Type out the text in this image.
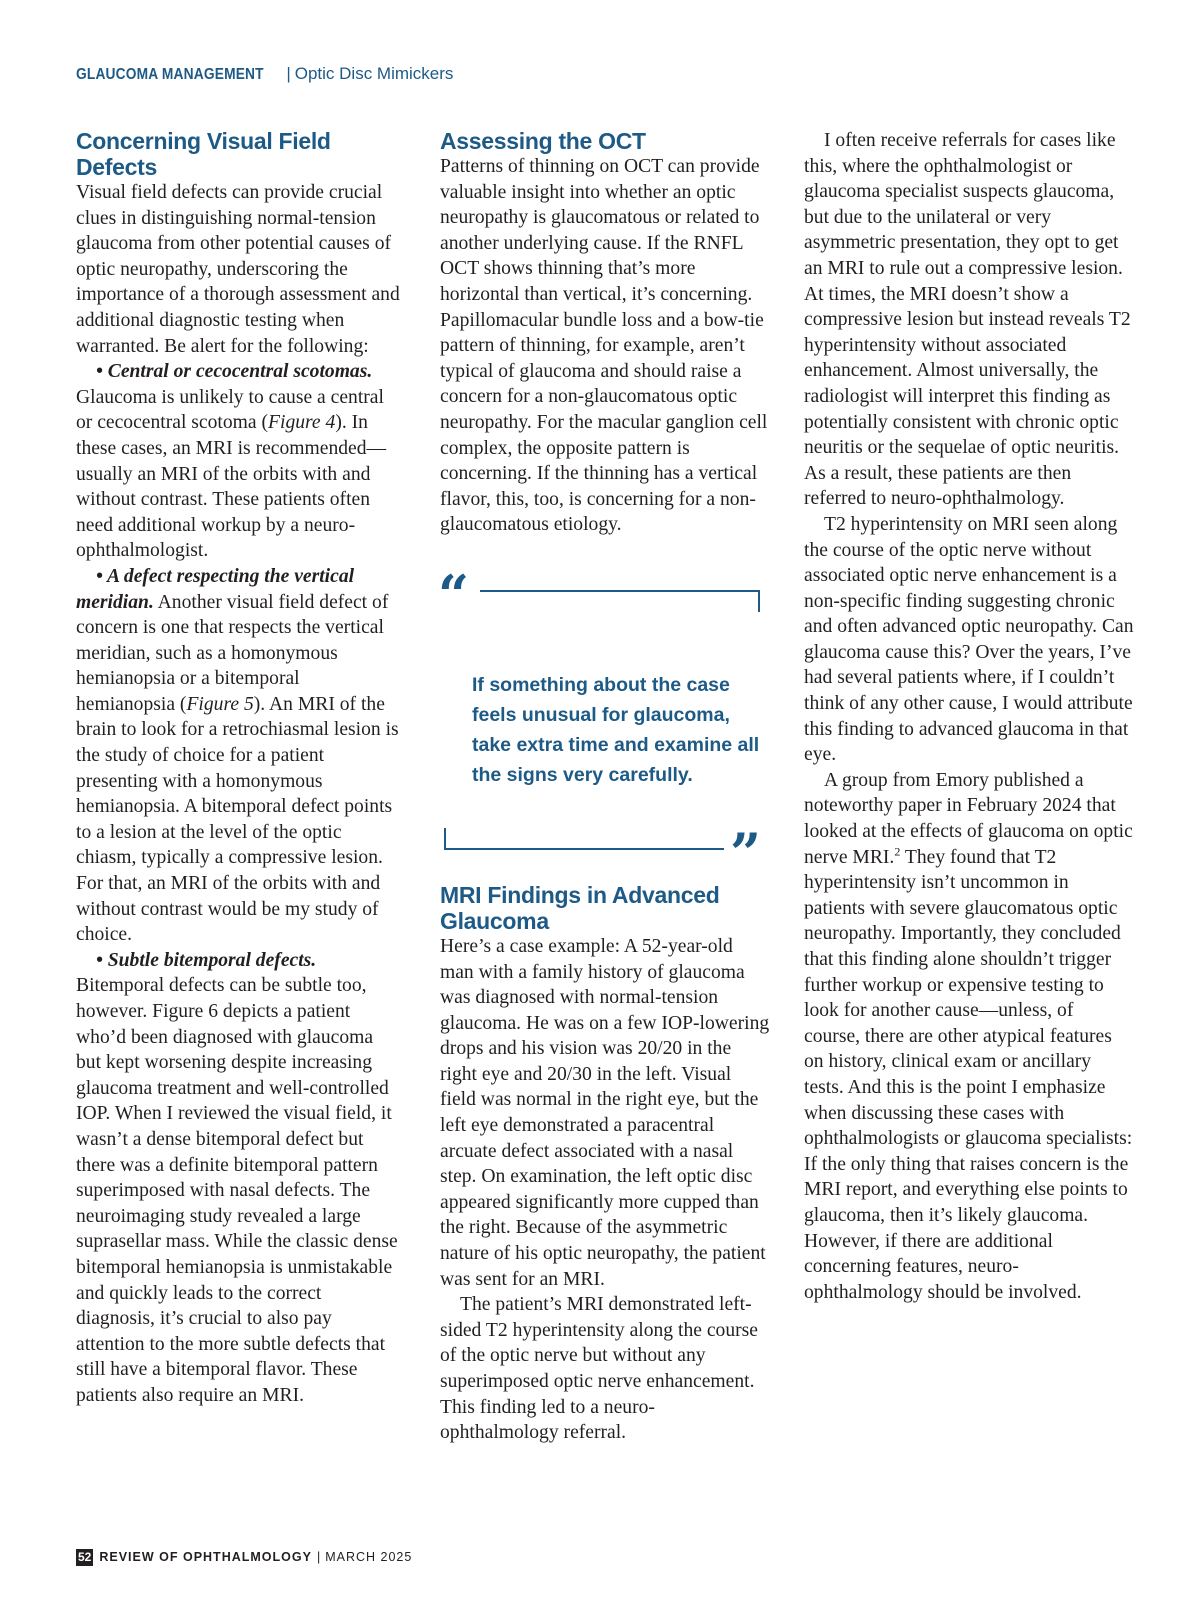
GLAUCOMA MANAGEMENT | Optic Disc Mimickers
Concerning Visual Field Defects

Visual field defects can provide crucial clues in distinguishing normal-tension glaucoma from other potential causes of optic neuropathy, underscoring the importance of a thorough assessment and additional diagnostic testing when warranted. Be alert for the following:

• Central or cecocentral scotomas. Glaucoma is unlikely to cause a central or cecocentral scotoma (Figure 4). In these cases, an MRI is recommended—usually an MRI of the orbits with and without contrast. These patients often need additional workup by a neuro-ophthalmologist.

• A defect respecting the vertical meridian. Another visual field defect of concern is one that respects the vertical meridian, such as a homonymous hemianopsia or a bitemporal hemianopsia (Figure 5). An MRI of the brain to look for a retrochiasmal lesion is the study of choice for a patient presenting with a homonymous hemianopsia. A bitemporal defect points to a lesion at the level of the optic chiasm, typically a compressive lesion. For that, an MRI of the orbits with and without contrast would be my study of choice.

• Subtle bitemporal defects. Bitemporal defects can be subtle too, however. Figure 6 depicts a patient who’d been diagnosed with glaucoma but kept worsening despite increasing glaucoma treatment and well-controlled IOP. When I reviewed the visual field, it wasn’t a dense bitemporal defect but there was a definite bitemporal pattern superimposed with nasal defects. The neuroimaging study revealed a large suprasellar mass. While the classic dense bitemporal hemianopsia is unmistakable and quickly leads to the correct diagnosis, it’s crucial to also pay attention to the more subtle defects that still have a bitemporal flavor. These patients also require an MRI.

Assessing the OCT

Patterns of thinning on OCT can provide valuable insight into whether an optic neuropathy is glaucomatous or related to another underlying cause. If the RNFL OCT shows thinning that’s more horizontal than vertical, it’s concerning. Papillomacular bundle loss and a bow-tie pattern of thinning, for example, aren’t typical of glaucoma and should raise a concern for a non-glaucomatous optic neuropathy. For the macular ganglion cell complex, the opposite pattern is concerning. If the thinning has a vertical flavor, this, too, is concerning for a non-glaucomatous etiology.

“
If something about the case feels unusual for glaucoma, take extra time and examine all the signs very carefully.
”
MRI Findings in Advanced Glaucoma

Here’s a case example: A 52-year-old man with a family history of glaucoma was diagnosed with normal-tension glaucoma. He was on a few IOP-lowering drops and his vision was 20/20 in the right eye and 20/30 in the left. Visual field was normal in the right eye, but the left eye demonstrated a paracentral arcuate defect associated with a nasal step. On examination, the left optic disc appeared significantly more cupped than the right. Because of the asymmetric nature of his optic neuropathy, the patient was sent for an MRI.

The patient’s MRI demonstrated left-sided T2 hyperintensity along the course of the optic nerve but without any superimposed optic nerve enhancement. This finding led to a neuro-ophthalmology referral.

I often receive referrals for cases like this, where the ophthalmologist or glaucoma specialist suspects glaucoma, but due to the unilateral or very asymmetric presentation, they opt to get an MRI to rule out a compressive lesion. At times, the MRI doesn’t show a compressive lesion but instead reveals T2 hyperintensity without associated enhancement. Almost universally, the radiologist will interpret this finding as potentially consistent with chronic optic neuritis or the sequelae of optic neuritis. As a result, these patients are then referred to neuro-ophthalmology.

T2 hyperintensity on MRI seen along the course of the optic nerve without associated optic nerve enhancement is a non-specific finding suggesting chronic and often advanced optic neuropathy. Can glaucoma cause this? Over the years, I’ve had several patients where, if I couldn’t think of any other cause, I would attribute this finding to advanced glaucoma in that eye.

A group from Emory published a noteworthy paper in February 2024 that looked at the effects of glaucoma on optic nerve MRI.$^2$ They found that T2 hyperintensity isn’t uncommon in patients with severe glaucomatous optic neuropathy. Importantly, they concluded that this finding alone shouldn’t trigger further workup or expensive testing to look for another cause—unless, of course, there are other atypical features on history, clinical exam or ancillary tests. And this is the point I emphasize when discussing these cases with ophthalmologists or glaucoma specialists: If the only thing that raises concern is the MRI report, and everything else points to glaucoma, then it’s likely glaucoma. However, if there are additional concerning features, neuro-ophthalmology should be involved.

52 REVIEW OF OPHTHALMOLOGY | MARCH 2025
